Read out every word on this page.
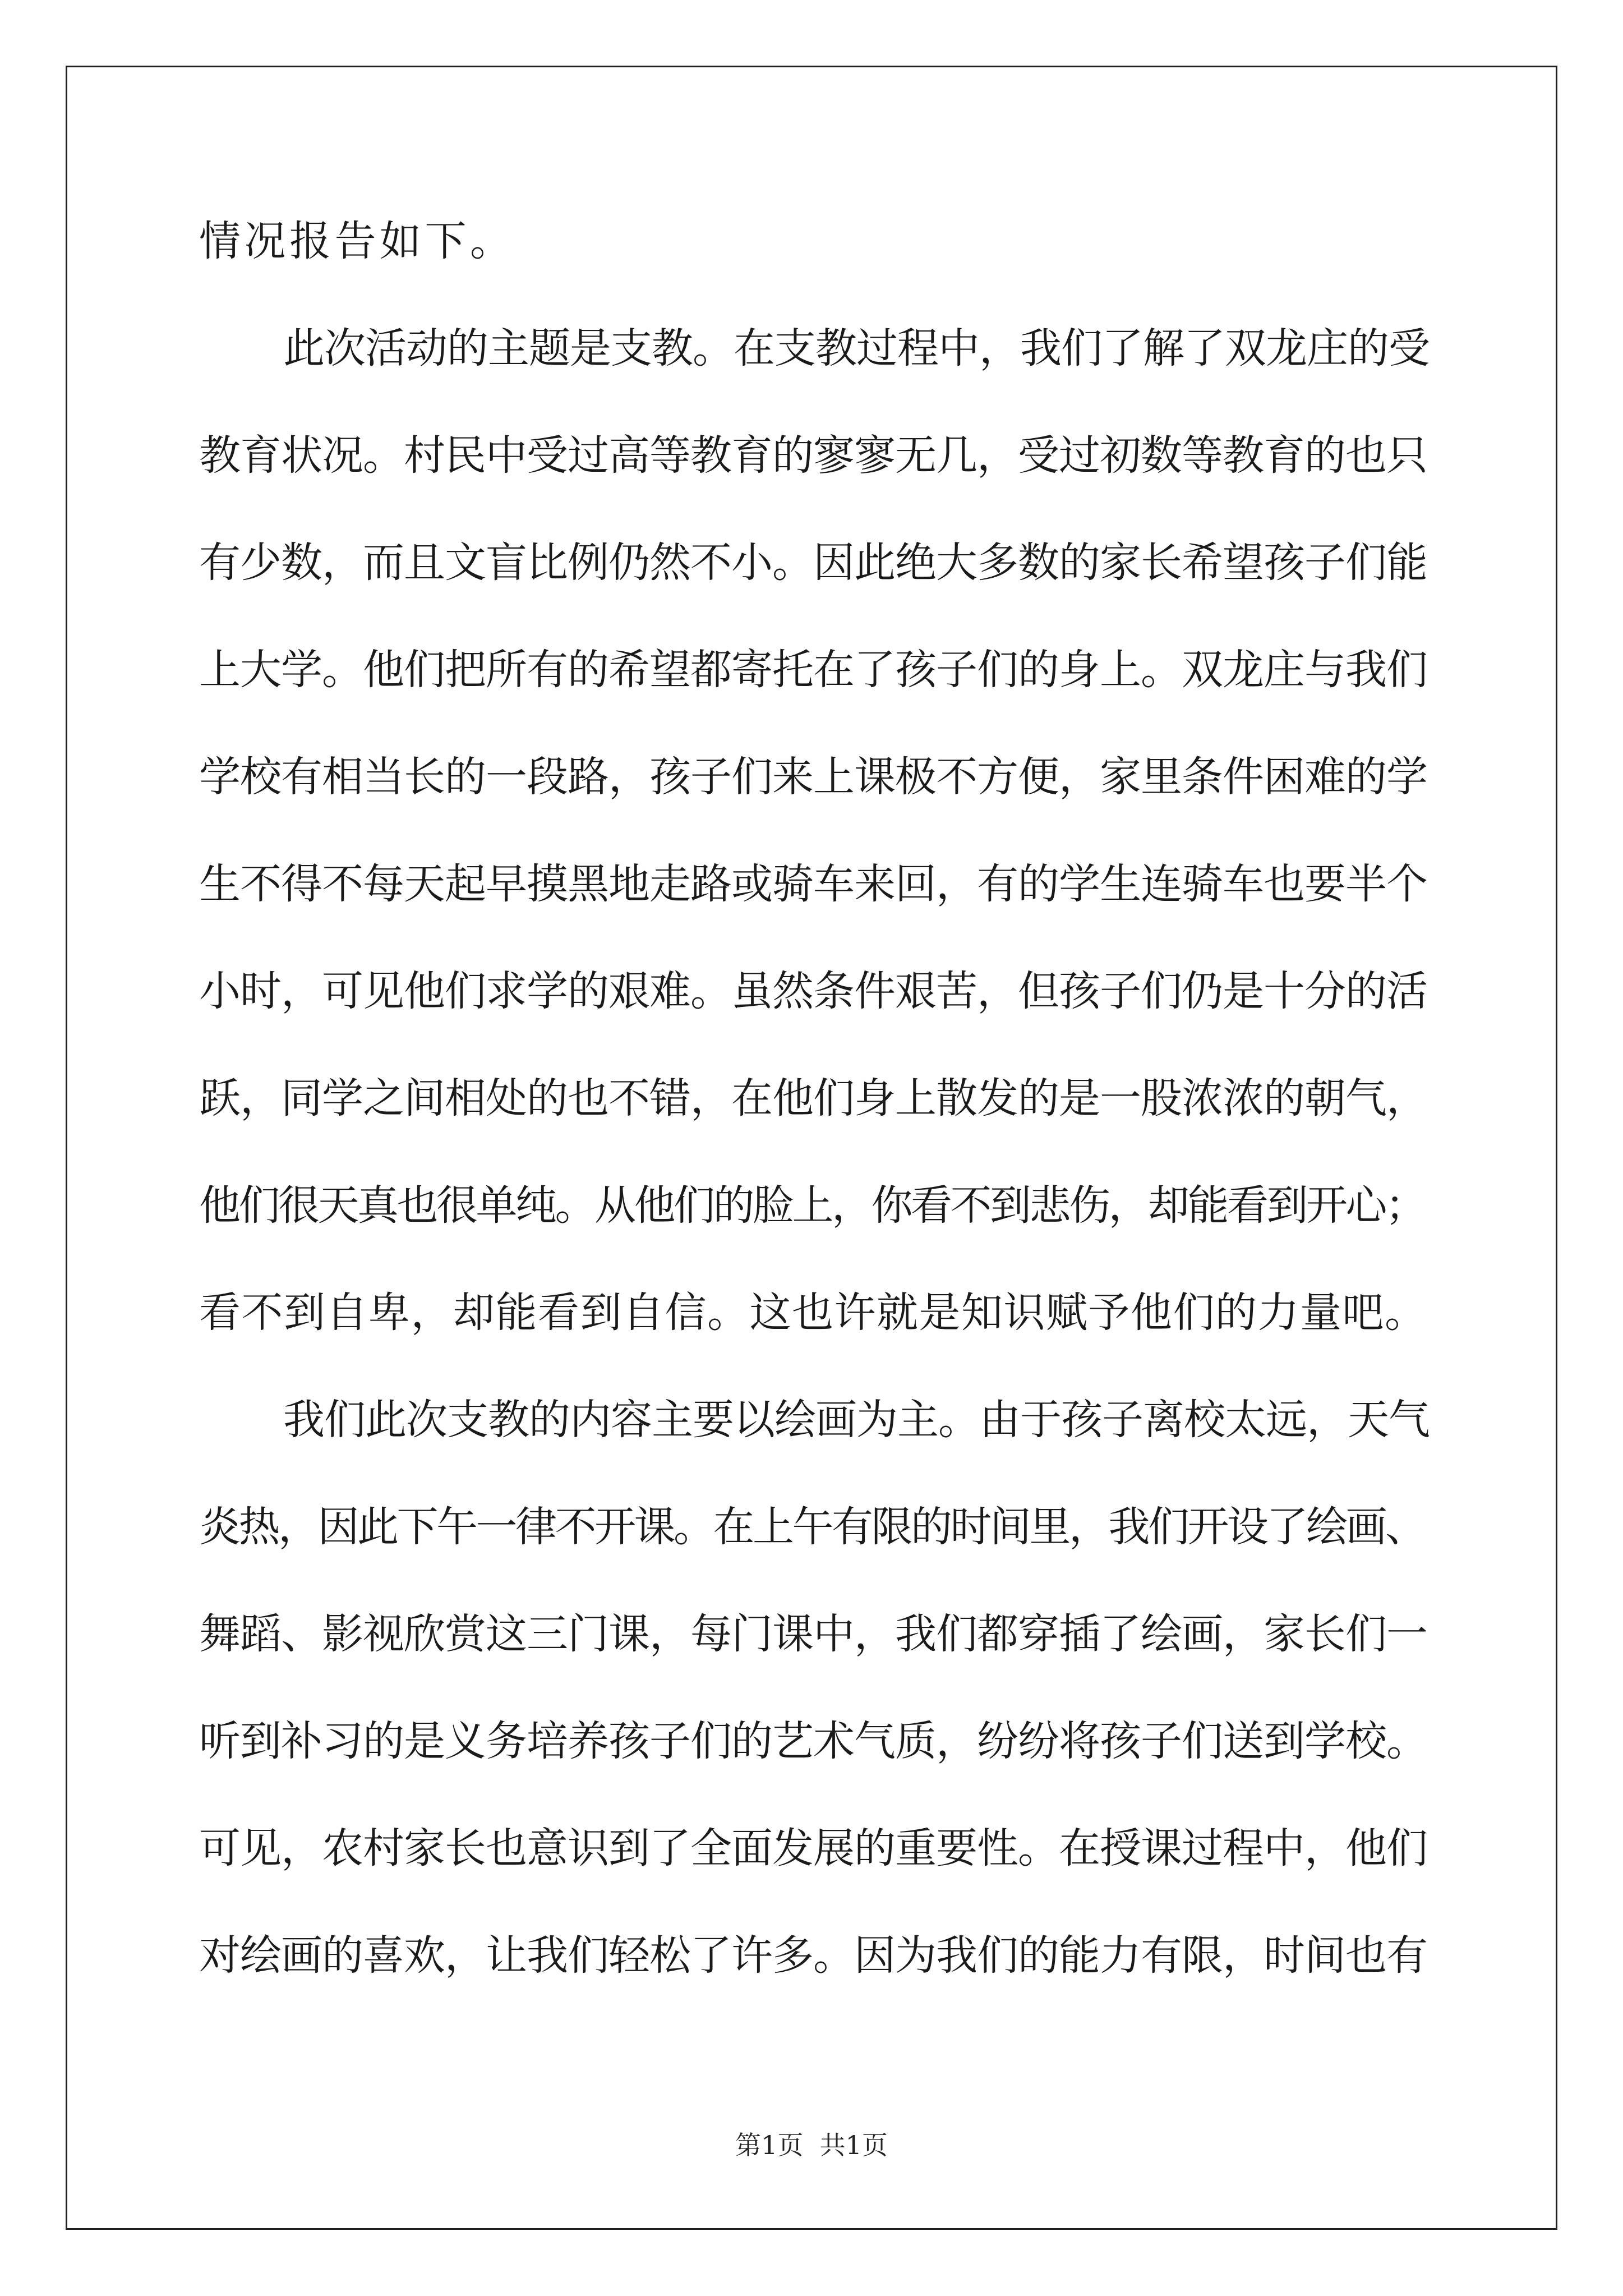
情况报告如下。
此次活动的主题是支教。在支教过程中，我们了解了双龙庄的受
教育状况。村民中受过高等教育的寥寥无几，受过初数等教育的也只
有少数，而且文盲比例仍然不小。因此绝大多数的家长希望孩子们能
上大学。他们把所有的希望都寄托在了孩子们的身上。双龙庄与我们
学校有相当长的一段路，孩子们来上课极不方便，家里条件困难的学
生不得不每天起早摸黑地走路或骑车来回，有的学生连骑车也要半个
小时，可见他们求学的艰难。虽然条件艰苦，但孩子们仍是十分的活
跃，同学之间相处的也不错，在他们身上散发的是一股浓浓的朝气，
他们很天真也很单纯。从他们的脸上，你看不到悲伤，却能看到开心；
看不到自卑，却能看到自信。这也许就是知识赋予他们的力量吧。
我们此次支教的内容主要以绘画为主。由于孩子离校太远，天气
炎热，因此下午一律不开课。在上午有限的时间里，我们开设了绘画、
舞蹈、影视欣赏这三门课，每门课中，我们都穿插了绘画，家长们一
听到补习的是义务培养孩子们的艺术气质，纷纷将孩子们送到学校。
可见，农村家长也意识到了全面发展的重要性。在授课过程中，他们
对绘画的喜欢，让我们轻松了许多。因为我们的能力有限，时间也有
第1页  共1页
